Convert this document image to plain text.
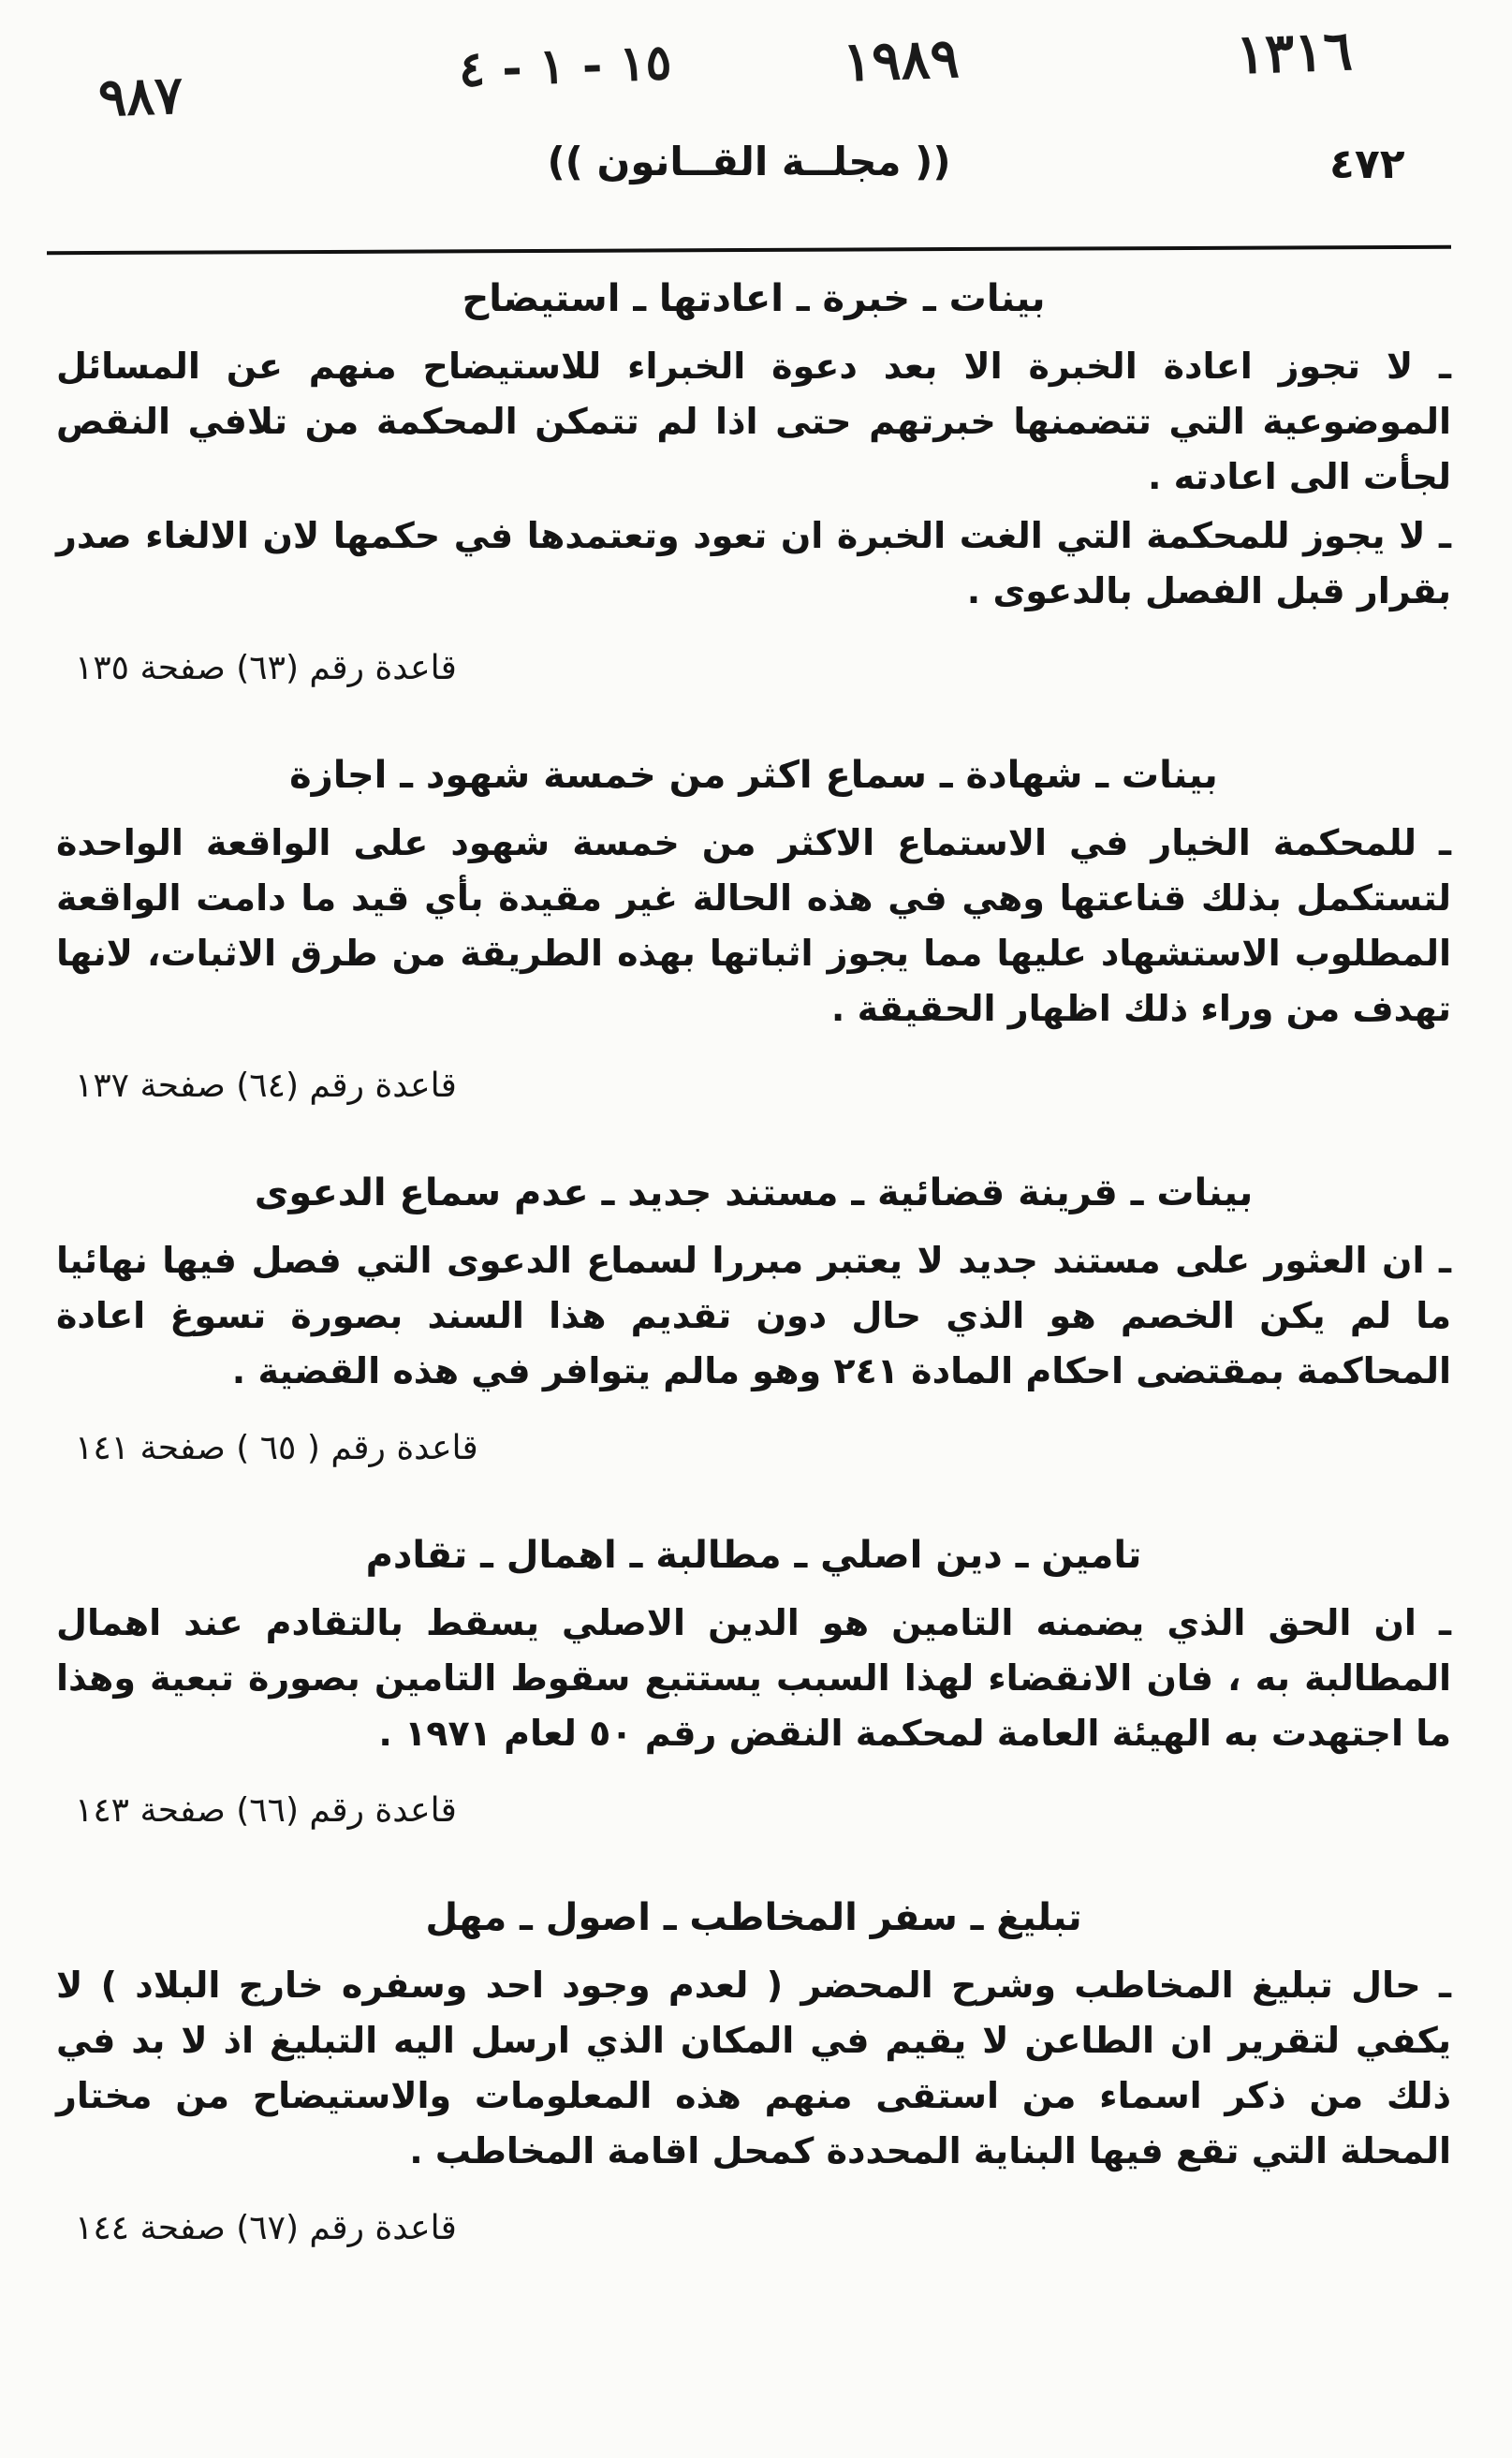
٩٨٧	١٥ - ١ - ٤	١٩٨٩	١٣١٦
٤٧٢
(( مجلــة القــانون ))
بينات ـ خبرة ـ اعادتها ـ استيضاح

ـ لا تجوز اعادة الخبرة الا بعد دعوة الخبراء للاستيضاح منهم عن المسائل الموضوعية التي تتضمنها خبرتهم حتى اذا لم تتمكن المحكمة من تلافي النقص لجأت الى اعادته .

ـ لا يجوز للمحكمة التي الغت الخبرة ان تعود وتعتمدها في حكمها لان الالغاء صدر بقرار قبل الفصل بالدعوى .

قاعدة رقم (٦٣) صفحة ١٣٥
بينات ـ شهادة ـ سماع اكثر من خمسة شهود ـ اجازة

ـ للمحكمة الخيار في الاستماع الاكثر من خمسة شهود على الواقعة الواحدة لتستكمل بذلك قناعتها وهي في هذه الحالة غير مقيدة بأي قيد ما دامت الواقعة المطلوب الاستشهاد عليها مما يجوز اثباتها بهذه الطريقة من طرق الاثبات، لانها تهدف من وراء ذلك اظهار الحقيقة .

قاعدة رقم (٦٤) صفحة ١٣٧
بينات ـ قرينة قضائية ـ مستند جديد ـ عدم سماع الدعوى

ـ ان العثور على مستند جديد لا يعتبر مبررا لسماع الدعوى التي فصل فيها نهائيا ما لم يكن الخصم هو الذي حال دون تقديم هذا السند بصورة تسوغ اعادة المحاكمة بمقتضى احكام المادة ٢٤١ وهو مالم يتوافر في هذه القضية .

قاعدة رقم ( ٦٥ ) صفحة ١٤١
تامين ـ دين اصلي ـ مطالبة ـ اهمال ـ تقادم

ـ ان الحق الذي يضمنه التامين هو الدين الاصلي يسقط بالتقادم عند اهمال المطالبة به ، فان الانقضاء لهذا السبب يستتبع سقوط التامين بصورة تبعية وهذا ما اجتهدت به الهيئة العامة لمحكمة النقض رقم ٥٠ لعام ١٩٧١ .

قاعدة رقم (٦٦) صفحة ١٤٣
تبليغ ـ سفر المخاطب ـ اصول ـ مهل

ـ حال تبليغ المخاطب وشرح المحضر ( لعدم وجود احد وسفره خارج البلاد ) لا يكفي لتقرير ان الطاعن لا يقيم في المكان الذي ارسل اليه التبليغ اذ لا بد في ذلك من ذكر اسماء من استقى منهم هذه المعلومات والاستيضاح من مختار المحلة التي تقع فيها البناية المحددة كمحل اقامة المخاطب .

قاعدة رقم (٦٧) صفحة ١٤٤
